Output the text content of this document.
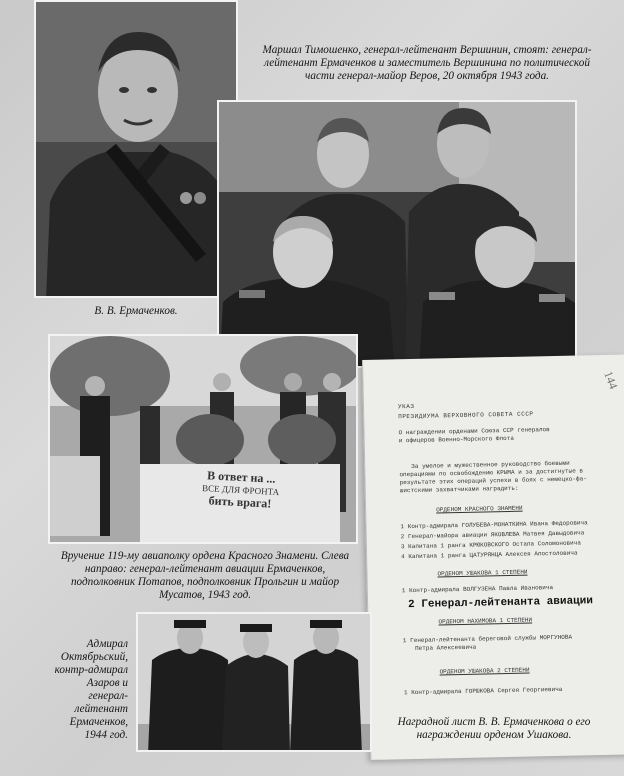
Маршал Тимошенко, генерал-лейтенант Вершинин, стоят: генерал-лейтенант Ермаченков и заместитель Вершинина по политической части генерал-майор Веров, 20 октября 1943 года.
В. В. Ермаченков.
В ответ на ...
ВСЕ ДЛЯ ФРОНТА
бить врага!
Вручение 119-му авиаполку ордена Красного Знамени. Слева направо: генерал-лейтенант авиации Ермаченков, подполковник Потапов, подполковник Прольгин и майор Мусатов, 1943 год.
144
УКАЗ
ПРЕЗИДИУМА ВЕРХОВНОГО СОВЕТА СССР
О награждении орденами Союза ССР генералов
и офицеров Военно-Морского Флота
За умелое и мужественное руководство боевыми
операциями по освобождению КРЫМА и за достигнутые в
результате этих операций успехи в боях с немецко-фа-
шистскими захватчиками наградить:
ОРДЕНОМ КРАСНОГО ЗНАМЕНИ
1 Контр-адмирала ГОЛУБЕВА-МОНАТКИНА Ивана Федоровича
2 Генерал-майора авиации ЯКОВЛЕВА Матвея Давыдовича
3 Капитана 1 ранга КРЮКОВСКОГО Остапа Соломоновича
4 Капитана 1 ранга ЦАТУРЯНЦА Алексея Апостоловича
ОРДЕНОМ УШАКОВА 1 СТЕПЕНИ
1 Контр-адмирала ВОЛГУЗЕНА Павла Ивановича
2 Генерал-лейтенанта авиации
ОРДЕНОМ НАХИМОВА 1 СТЕПЕНИ
1 Генерал-лейтенанта береговой службы МОРГУНОВА
Петра Алексеевича
ОРДЕНОМ УШАКОВА 2 СТЕПЕНИ
1 Контр-адмирала ГОРШКОВА Сергея Георгиевича
Адмирал Октябрьский, контр-адмирал Азаров и генерал-лейтенант Ермаченков, 1944 год.
Наградной лист В. В. Ермаченкова о его награждении орденом Ушакова.
